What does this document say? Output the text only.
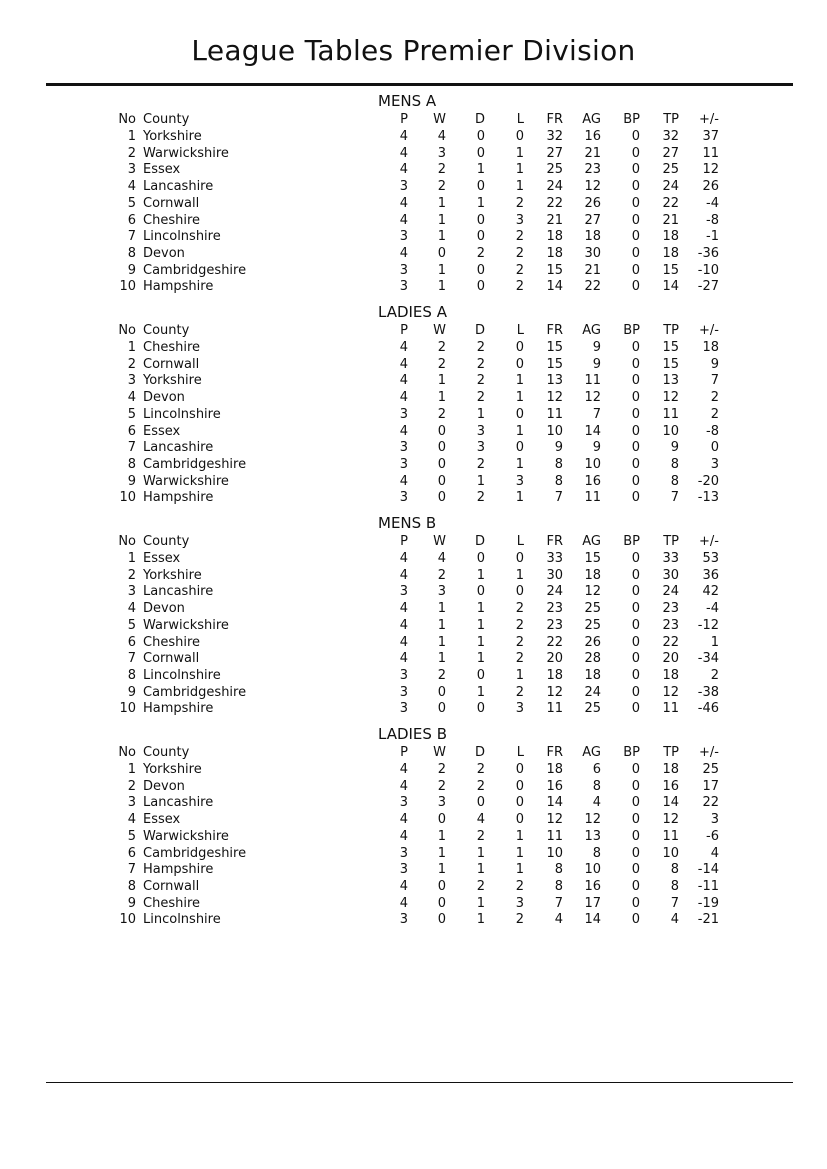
League Tables Premier Division
MENS A
No County	P	W	D	L	FR	AG	BP	TP	+/-
1 Yorkshire	4	4	0	0	32	16	0	32	37
2 Warwickshire	4	3	0	1	27	21	0	27	11
3 Essex	4	2	1	1	25	23	0	25	12
4 Lancashire	3	2	0	1	24	12	0	24	26
5 Cornwall	4	1	1	2	22	26	0	22	-4
6 Cheshire	4	1	0	3	21	27	0	21	-8
7 Lincolnshire	3	1	0	2	18	18	0	18	-1
8 Devon	4	0	2	2	18	30	0	18 -36
9 Cambridgeshire	3	1	0	2	15	21	0	15 -10
10 Hampshire	3	1	0	2	14	22	0	14 -27
LADIES A
No County	P	W	D	L	FR	AG	BP	TP	+/-
1 Cheshire	4	2	2	0	15	9	0	15	18
2 Cornwall	4	2	2	0	15	9	0	15	9
3 Yorkshire	4	1	2	1	13	11	0	13	7
4 Devon	4	1	2	1	12	12	0	12	2
5 Lincolnshire	3	2	1	0	11	7	0	11	2
6 Essex	4	0	3	1	10	14	0	10	-8
7 Lancashire	3	0	3	0	9	9	0	9	0
8 Cambridgeshire	3	0	2	1	8	10	0	8	3
9 Warwickshire	4	0	1	3	8	16	0	8 -20
10 Hampshire	3	0	2	1	7	11	0	7 -13
MENS B
No County	P	W	D	L	FR	AG	BP	TP	+/-
1 Essex	4	4	0	0	33	15	0	33	53
2 Yorkshire	4	2	1	1	30	18	0	30	36
3 Lancashire	3	3	0	0	24	12	0	24	42
4 Devon	4	1	1	2	23	25	0	23	-4
5 Warwickshire	4	1	1	2	23	25	0	23 -12
6 Cheshire	4	1	1	2	22	26	0	22	1
7 Cornwall	4	1	1	2	20	28	0	20 -34
8 Lincolnshire	3	2	0	1	18	18	0	18	2
9 Cambridgeshire	3	0	1	2	12	24	0	12 -38
10 Hampshire	3	0	0	3	11	25	0	11 -46
LADIES B
No County	P	W	D	L	FR	AG	BP	TP	+/-
1 Yorkshire	4	2	2	0	18	6	0	18	25
2 Devon	4	2	2	0	16	8	0	16	17
3 Lancashire	3	3	0	0	14	4	0	14	22
4 Essex	4	0	4	0	12	12	0	12	3
5 Warwickshire	4	1	2	1	11	13	0	11	-6
6 Cambridgeshire	3	1	1	1	10	8	0	10	4
7 Hampshire	3	1	1	1	8	10	0	8 -14
8 Cornwall	4	0	2	2	8	16	0	8 -11
9 Cheshire	4	0	1	3	7	17	0	7 -19
10 Lincolnshire	3	0	1	2	4	14	0	4 -21
